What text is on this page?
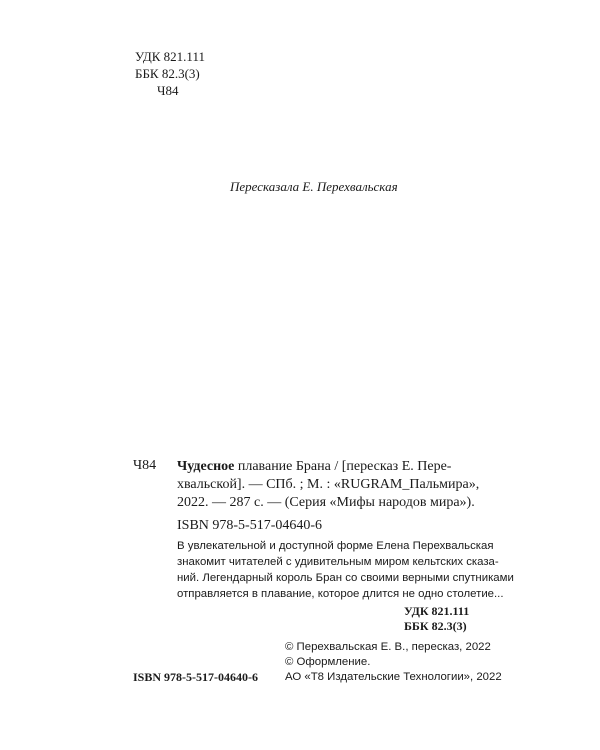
УДК 821.111
ББК 82.3(3)
Ч84
Пересказала Е. Перехвальская
Ч84 Чудесное плавание Брана / [пересказ Е. Пере-
хвальской]. — СПб. ; М. : «RUGRAM_Пальмира»,
2022. — 287 с. — (Серия «Мифы народов мира»).
ISBN 978-5-517-04640-6
В увлекательной и доступной форме Елена Перехвальская
знакомит читателей с удивительным миром кельтских сказа-
ний. Легендарный король Бран со своими верными спутниками
отправляется в плавание, которое длится не одно столетие...
УДК 821.111
ББК 82.3(3)
© Перехвальская Е. В., пересказ, 2022
© Оформление.
АО «Т8 Издательские Технологии», 2022
ISBN 978-5-517-04640-6
